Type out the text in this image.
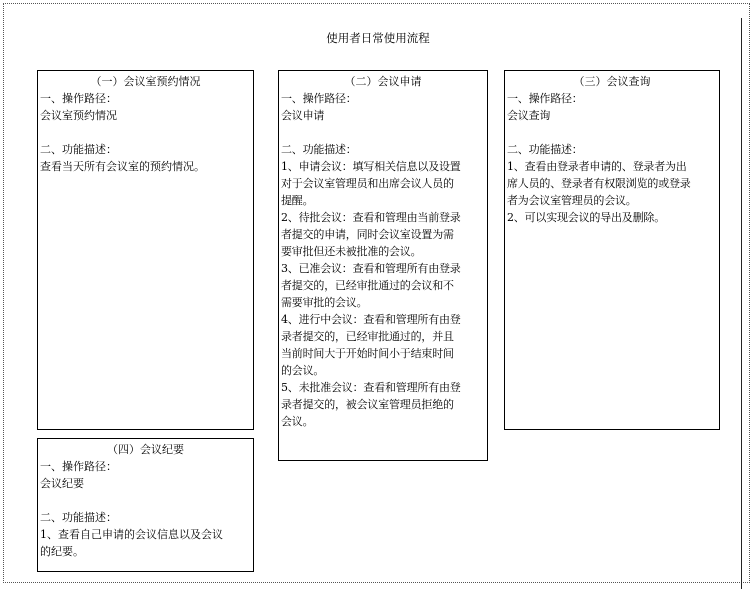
使用者日常使用流程
（一）会议室预约情况
一、操作路径：
会议室预约情况
二、功能描述：
查看当天所有会议室的预约情况。
（二）会议申请
一、操作路径：
会议申请
二、功能描述：
1、申请会议：填写相关信息以及设置
对于会议室管理员和出席会议人员的
提醒。
2、待批会议：查看和管理由当前登录
者提交的申请，同时会议室设置为需
要审批但还未被批准的会议。
3、已准会议：查看和管理所有由登录
者提交的，已经审批通过的会议和不
需要审批的会议。
4、进行中会议：查看和管理所有由登
录者提交的，已经审批通过的，并且
当前时间大于开始时间小于结束时间
的会议。
5、未批准会议：查看和管理所有由登
录者提交的，被会议室管理员拒绝的
会议。
（三）会议查询
一、操作路径：
会议查询
二、功能描述：
1、查看由登录者申请的、登录者为出
席人员的、登录者有权限浏览的或登录
者为会议室管理员的会议。
2、可以实现会议的导出及删除。
（四）会议纪要
一、操作路径：
会议纪要
二、功能描述：
1、查看自己申请的会议信息以及会议
的纪要。
